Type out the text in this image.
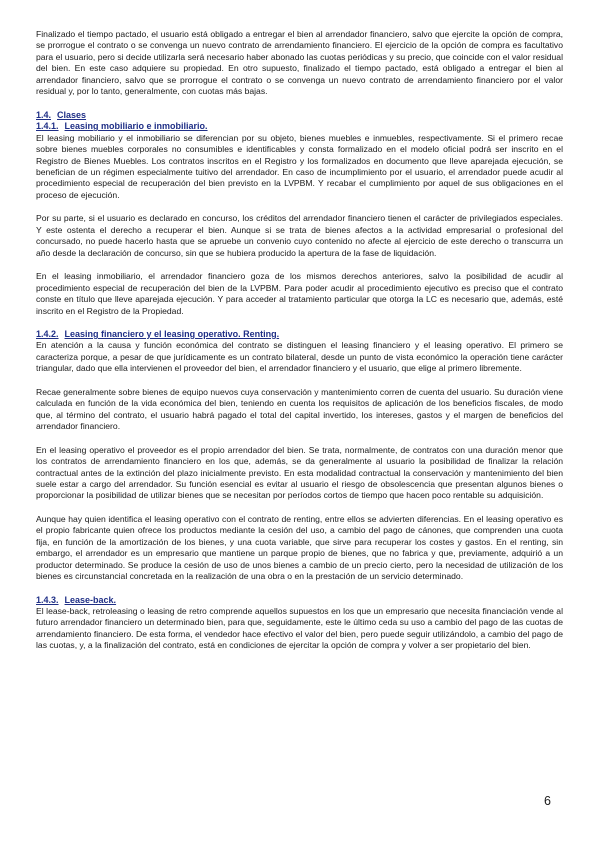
Finalizado el tiempo pactado, el usuario está obligado a entregar el bien al arrendador financiero, salvo que ejercite la opción de compra, se prorrogue el contrato o se convenga un nuevo contrato de arrendamiento financiero. El ejercicio de la opción de compra es facultativo para el usuario, pero si decide utilizarla será necesario haber abonado las cuotas periódicas y su precio, que coincide con el valor residual del bien. En este caso adquiere su propiedad. En otro supuesto, finalizado el tiempo pactado, está obligado a entregar el bien al arrendador financiero, salvo que se prorrogue el contrato o se convenga un nuevo contrato de arrendamiento financiero por el valor residual y, por lo tanto, generalmente, con cuotas más bajas.

1.4. Clases
1.4.1. Leasing mobiliario e inmobiliario.

El leasing mobiliario y el inmobiliario se diferencian por su objeto, bienes muebles e inmuebles, respectivamente. Si el primero recae sobre bienes muebles corporales no consumibles e identificables y consta formalizado en el modelo oficial podrá ser inscrito en el Registro de Bienes Muebles. Los contratos inscritos en el Registro y los formalizados en documento que lleve aparejada ejecución, se benefician de un régimen especialmente tuitivo del arrendador. En caso de incumplimiento por el usuario, el arrendador puede acudir al procedimiento especial de recuperación del bien previsto en la LVPBM. Y recabar el cumplimiento por aquel de sus obligaciones en el proceso de ejecución.

Por su parte, si el usuario es declarado en concurso, los créditos del arrendador financiero tienen el carácter de privilegiados especiales. Y este ostenta el derecho a recuperar el bien. Aunque si se trata de bienes afectos a la actividad empresarial o profesional del concursado, no puede hacerlo hasta que se apruebe un convenio cuyo contenido no afecte al ejercicio de este derecho o transcurra un año desde la declaración de concurso, sin que se hubiera producido la apertura de la fase de liquidación.

En el leasing inmobiliario, el arrendador financiero goza de los mismos derechos anteriores, salvo la posibilidad de acudir al procedimiento especial de recuperación del bien de la LVPBM. Para poder acudir al procedimiento ejecutivo es preciso que el contrato conste en título que lleve aparejada ejecución. Y para acceder al tratamiento particular que otorga la LC es necesario que, además, esté inscrito en el Registro de la Propiedad.

1.4.2. Leasing financiero y el leasing operativo. Renting.

En atención a la causa y función económica del contrato se distinguen el leasing financiero y el leasing operativo. El primero se caracteriza porque, a pesar de que jurídicamente es un contrato bilateral, desde un punto de vista económico la operación tiene carácter triangular, dado que ella intervienen el proveedor del bien, el arrendador financiero y el usuario, que elige al primero libremente.

Recae generalmente sobre bienes de equipo nuevos cuya conservación y mantenimiento corren de cuenta del usuario. Su duración viene calculada en función de la vida económica del bien, teniendo en cuenta los requisitos de aplicación de los beneficios fiscales, de modo que, al término del contrato, el usuario habrá pagado el total del capital invertido, los intereses, gastos y el margen de beneficios del arrendador financiero.

En el leasing operativo el proveedor es el propio arrendador del bien. Se trata, normalmente, de contratos con una duración menor que los contratos de arrendamiento financiero en los que, además, se da generalmente al usuario la posibilidad de finalizar la relación contractual antes de la extinción del plazo inicialmente previsto. En esta modalidad contractual la conservación y mantenimiento del bien suele estar a cargo del arrendador. Su función esencial es evitar al usuario el riesgo de obsolescencia que presentan algunos bienes o proporcionar la posibilidad de utilizar bienes que se necesitan por períodos cortos de tiempo que hacen poco rentable su adquisición.

Aunque hay quien identifica el leasing operativo con el contrato de renting, entre ellos se advierten diferencias. En el leasing operativo es el propio fabricante quien ofrece los productos mediante la cesión del uso, a cambio del pago de cánones, que comprenden una cuota fija, en función de la amortización de los bienes, y una cuota variable, que sirve para recuperar los costes y gastos. En el renting, sin embargo, el arrendador es un empresario que mantiene un parque propio de bienes, que no fabrica y que, previamente, adquirió a un productor determinado. Se produce la cesión de uso de unos bienes a cambio de un precio cierto, pero la necesidad de utilización de los bienes es circunstancial concretada en la realización de una obra o en la prestación de un servicio determinado.

1.4.3. Lease-back.

El lease-back, retroleasing o leasing de retro comprende aquellos supuestos en los que un empresario que necesita financiación vende al futuro arrendador financiero un determinado bien, para que, seguidamente, este le último ceda su uso a cambio del pago de las cuotas de arrendamiento financiero. De esta forma, el vendedor hace efectivo el valor del bien, pero puede seguir utilizándolo, a cambio del pago de las cuotas, y, a la finalización del contrato, está en condiciones de ejercitar la opción de compra y volver a ser propietario del bien.

6
